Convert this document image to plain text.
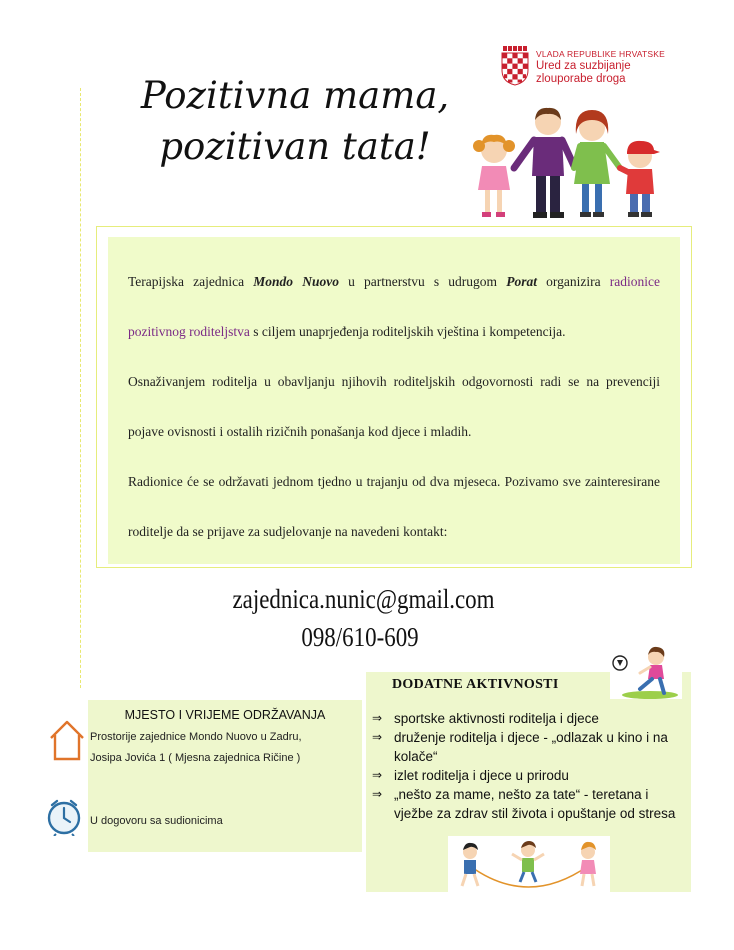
VLADA REPUBLIKE HRVATSKE
Ured za suzbijanje
zlouporabe droga
Pozitivna mama,
pozitivan tata!

Terapijska zajednica Mondo Nuovo u partnerstvu s udrugom Porat organizira radionice pozitivnog roditeljstva s ciljem unaprjeđenja roditeljskih vještina i kompetencija.

Osnaživanjem roditelja u obavljanju njihovih roditeljskih odgovornosti radi se na prevenciji pojave ovisnosti i ostalih rizičnih ponašanja kod djece i mladih.

Radionice će se održavati jednom tjedno u trajanju od dva mjeseca. Pozivamo sve zainteresirane roditelje da se prijave za sudjelovanje na navedeni kontakt:

zajednica.nunic@gmail.com
098/610-609
MJESTO I VRIJEME ODRŽAVANJA
Prostorije zajednice Mondo Nuovo u Zadru,
Josipa Jovića 1 ( Mjesna zajednica Ričine )
U dogovoru sa sudionicima
DODATNE AKTIVNOSTI
⇒ sportske aktivnosti roditelja i djece
⇒ druženje roditelja i djece - „odlazak u kino i na kolače“
⇒ izlet roditelja i djece u prirodu
⇒ „nešto za mame, nešto za tate“ - teretana i vježbe za zdrav stil života i opuštanje od stresa
